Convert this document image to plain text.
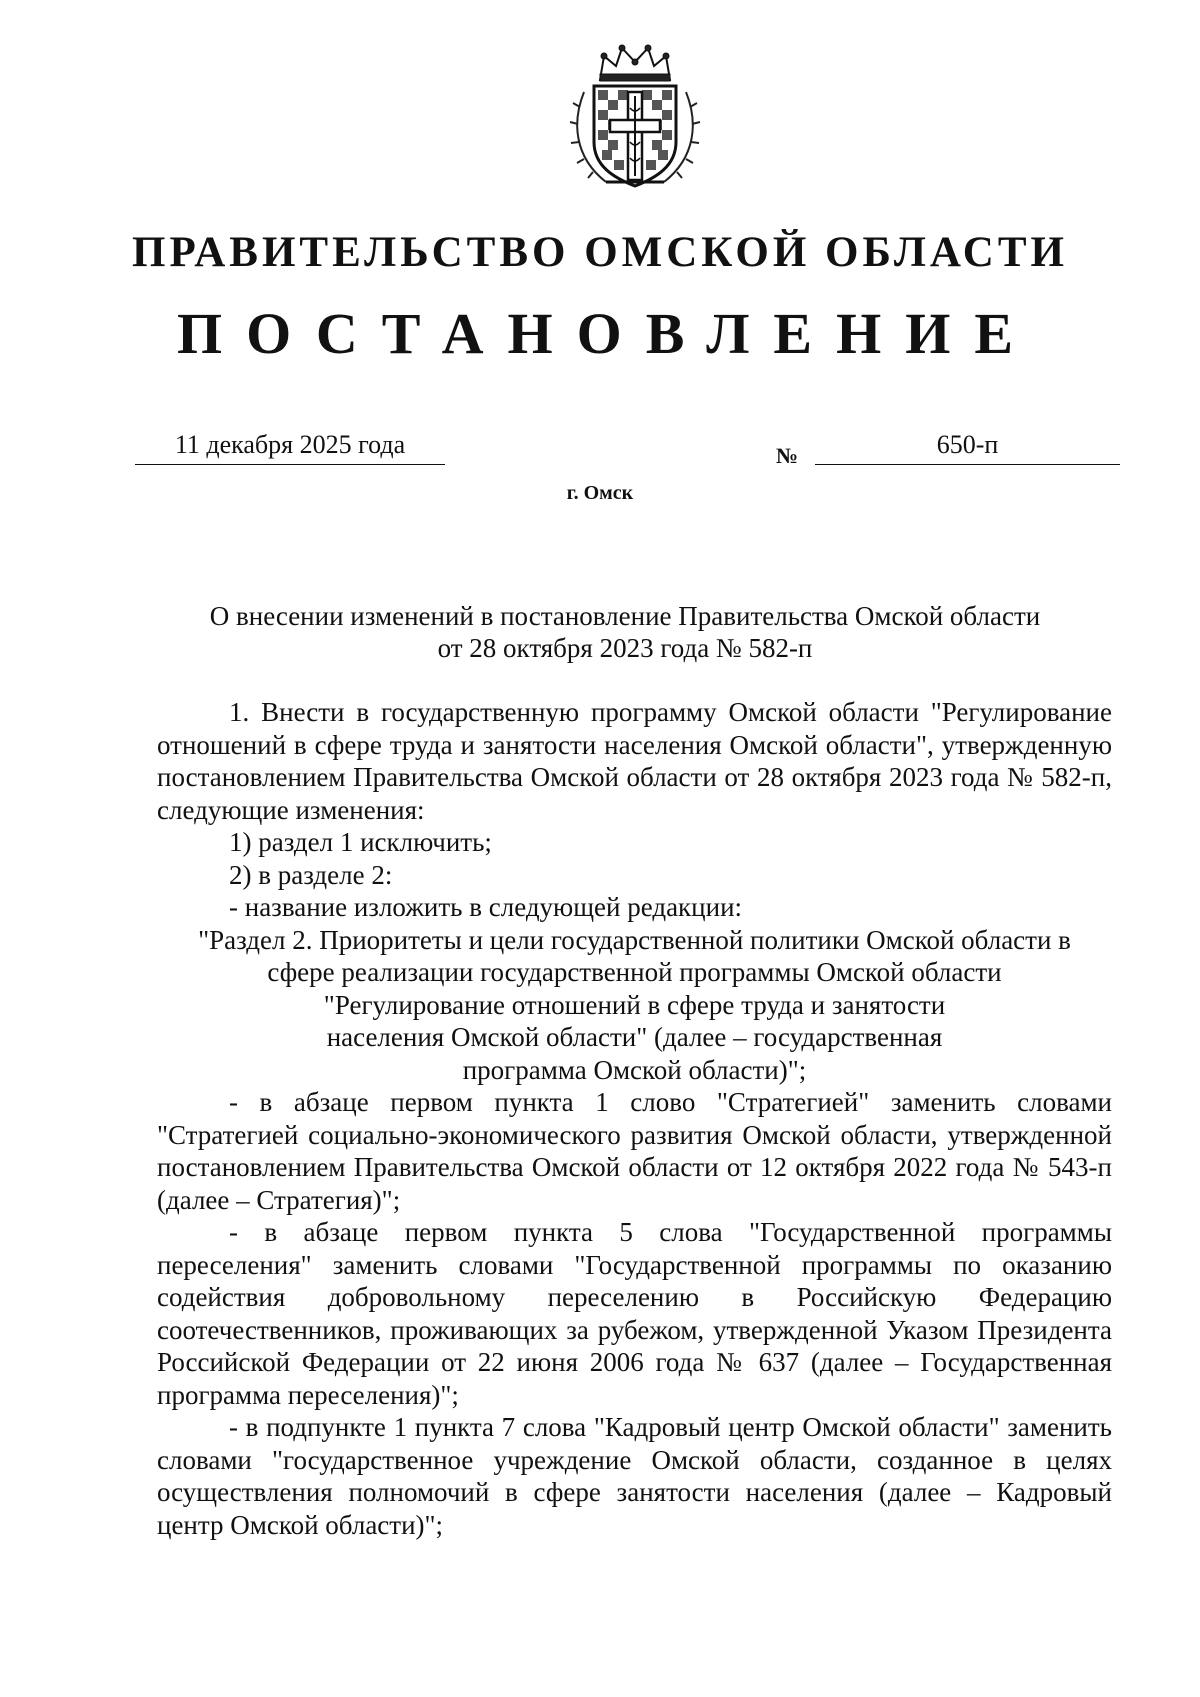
ПРАВИТЕЛЬСТВО ОМСКОЙ ОБЛАСТИ
ПОСТАНОВЛЕНИЕ
11 декабря 2025 года	№	650-п
г. Омск
О внесении изменений в постановление Правительства Омской области
от 28 октября 2023 года № 582-п

1. Внести в государственную программу Омской области "Регулирование отношений в сфере труда и занятости населения Омской области", утвержденную постановлением Правительства Омской области от 28 октября 2023 года № 582-п, следующие изменения:

1) раздел 1 исключить;

2) в разделе 2:

- название изложить в следующей редакции:

"Раздел 2. Приоритеты и цели государственной политики Омской области в
сфере реализации государственной программы Омской области
"Регулирование отношений в сфере труда и занятости
населения Омской области" (далее – государственная
программа Омской области)";

- в абзаце первом пункта 1 слово "Стратегией" заменить словами "Стратегией социально-экономического развития Омской области, утвержденной постановлением Правительства Омской области от 12 октября 2022 года № 543-п (далее – Стратегия)";

- в абзаце первом пункта 5 слова "Государственной программы переселения" заменить словами "Государственной программы по оказанию содействия добровольному переселению в Российскую Федерацию соотечественников, проживающих за рубежом, утвержденной Указом Президента Российской Федерации от 22 июня 2006 года № 637 (далее – Государственная программа переселения)";

- в подпункте 1 пункта 7 слова "Кадровый центр Омской области" заменить словами "государственное учреждение Омской области, созданное в целях осуществления полномочий в сфере занятости населения (далее – Кадровый центр Омской области)";
